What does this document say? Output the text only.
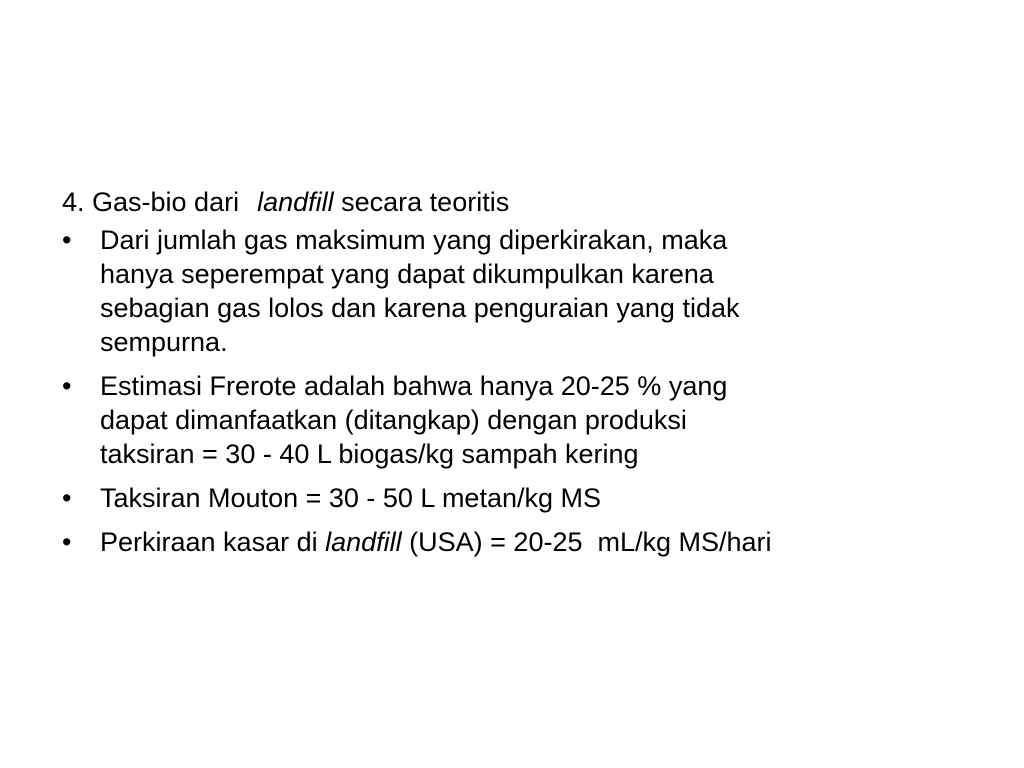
4. Gas-bio dari landfill secara teoritis
•	Dari jumlah gas maksimum yang diperkirakan, maka
hanya seperempat yang dapat dikumpulkan karena
sebagian gas lolos dan karena penguraian yang tidak
sempurna.
•	Estimasi Frerote adalah bahwa hanya 20-25 % yang
dapat dimanfaatkan (ditangkap) dengan produksi
taksiran = 30 - 40 L biogas/kg sampah kering
•	Taksiran Mouton = 30 - 50 L metan/kg MS
•	Perkiraan kasar di landfill (USA) = 20-25  mL/kg MS/hari
